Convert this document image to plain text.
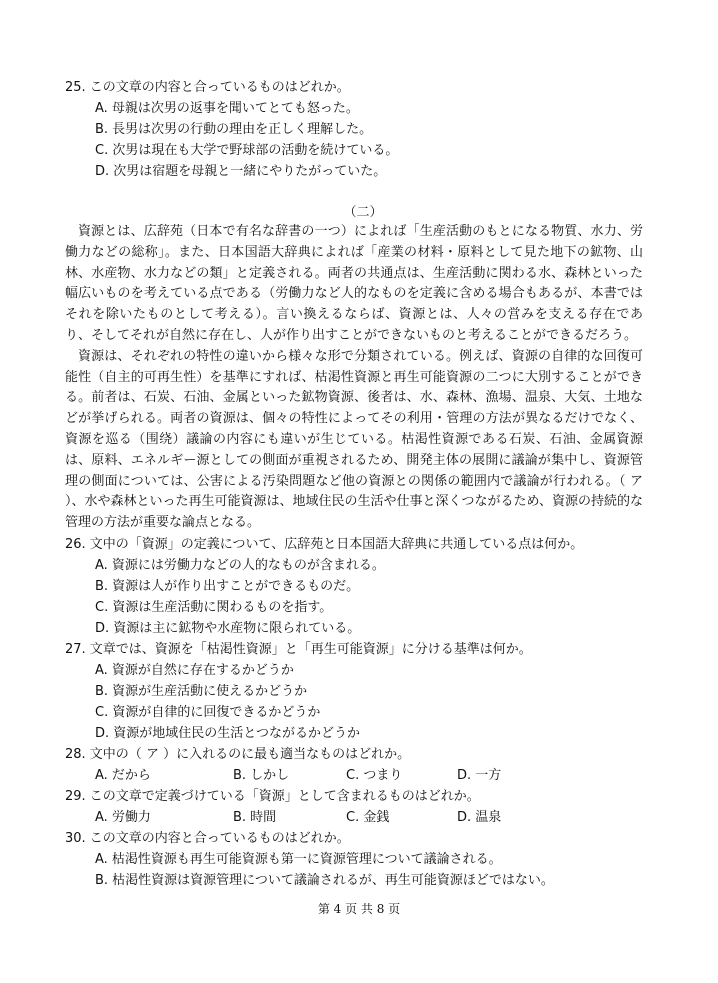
25. この文章の内容と合っているものはどれか。
A. 母親は次男の返事を聞いてとても怒った。
B. 長男は次男の行動の理由を正しく理解した。
C. 次男は現在も大学で野球部の活動を続けている。
D. 次男は宿題を母親と一緒にやりたがっていた。
（二）

資源とは、広辞苑（日本で有名な辞書の一つ）によれば「生産活動のもとになる物質、水力、労働力などの総称」。また、日本国語大辞典によれば「産業の材料・原料として見た地下の鉱物、山林、水産物、水力などの類」と定義される。両者の共通点は、生産活動に関わる水、森林といった幅広いものを考えている点である（労働力など人的なものを定義に含める場合もあるが、本書ではそれを除いたものとして考える）。言い換えるならば、資源とは、人々の営みを支える存在であり、そしてそれが自然に存在し、人が作り出すことができないものと考えることができるだろう。

資源は、それぞれの特性の違いから様々な形で分類されている。例えば、資源の自律的な回復可能性（自主的可再生性）を基準にすれば、枯渇性資源と再生可能資源の二つに大別することができる。前者は、石炭、石油、金属といった鉱物資源、後者は、水、森林、漁場、温泉、大気、土地などが挙げられる。両者の資源は、個々の特性によってその利用・管理の方法が異なるだけでなく、資源を巡る（围绕）議論の内容にも違いが生じている。枯渇性資源である石炭、石油、金属資源は、原料、エネルギー源としての側面が重視されるため、開発主体の展開に議論が集中し、資源管理の側面については、公害による汚染問題など他の資源との関係の範囲内で議論が行われる。（ ア ）、水や森林といった再生可能資源は、地域住民の生活や仕事と深くつながるため、資源の持続的な管理の方法が重要な論点となる。

26. 文中の「資源」の定義について、広辞苑と日本国語大辞典に共通している点は何か。
A. 資源には労働力などの人的なものが含まれる。
B. 資源は人が作り出すことができるものだ。
C. 資源は生産活動に関わるものを指す。
D. 資源は主に鉱物や水産物に限られている。
27. 文章では、資源を「枯渇性資源」と「再生可能資源」に分ける基準は何か。
A. 資源が自然に存在するかどうか
B. 資源が生産活動に使えるかどうか
C. 資源が自律的に回復できるかどうか
D. 資源が地域住民の生活とつながるかどうか
28. 文中の（ ア ）に入れるのに最も適当なものはどれか。
A. だから	B. しかし	C. つまり	D. 一方
29. この文章で定義づけている「資源」として含まれるものはどれか。
A. 労働力	B. 時間	C. 金銭	D. 温泉
30. この文章の内容と合っているものはどれか。
A. 枯渇性資源も再生可能資源も第一に資源管理について議論される。
B. 枯渇性資源は資源管理について議論されるが、再生可能資源ほどではない。
第 4 页 共 8 页
